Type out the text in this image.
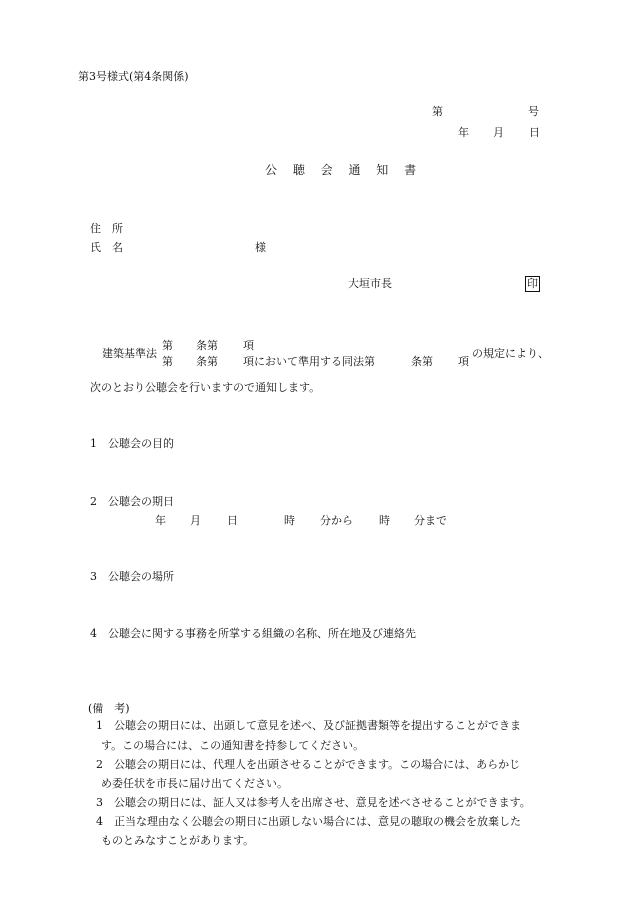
第3号様式(第4条関係)
第	号
年 月 日
公 聴 会 通 知 書
住　所
氏　名	様
大垣市長	印
建築基準法
第 条第 項
第 条第 項において準用する同法第	条第 項
の規定により、
次のとおり公聴会を行いますので通知します。
1　公聴会の目的
2　公聴会の期日
年 月 日	時 分から 時 分まで
3　公聴会の場所
4　公聴会に関する事務を所掌する組織の名称、所在地及び連絡先
(備　考)
1　公聴会の期日には、出頭して意見を述べ、及び証拠書類等を提出することができま
す。この場合には、この通知書を持参してください。
2　公聴会の期日には、代理人を出頭させることができます。この場合には、あらかじ
め委任状を市長に届け出てください。
3　公聴会の期日には、証人又は参考人を出席させ、意見を述べさせることができます。
4　正当な理由なく公聴会の期日に出頭しない場合には、意見の聴取の機会を放棄した
ものとみなすことがあります。
